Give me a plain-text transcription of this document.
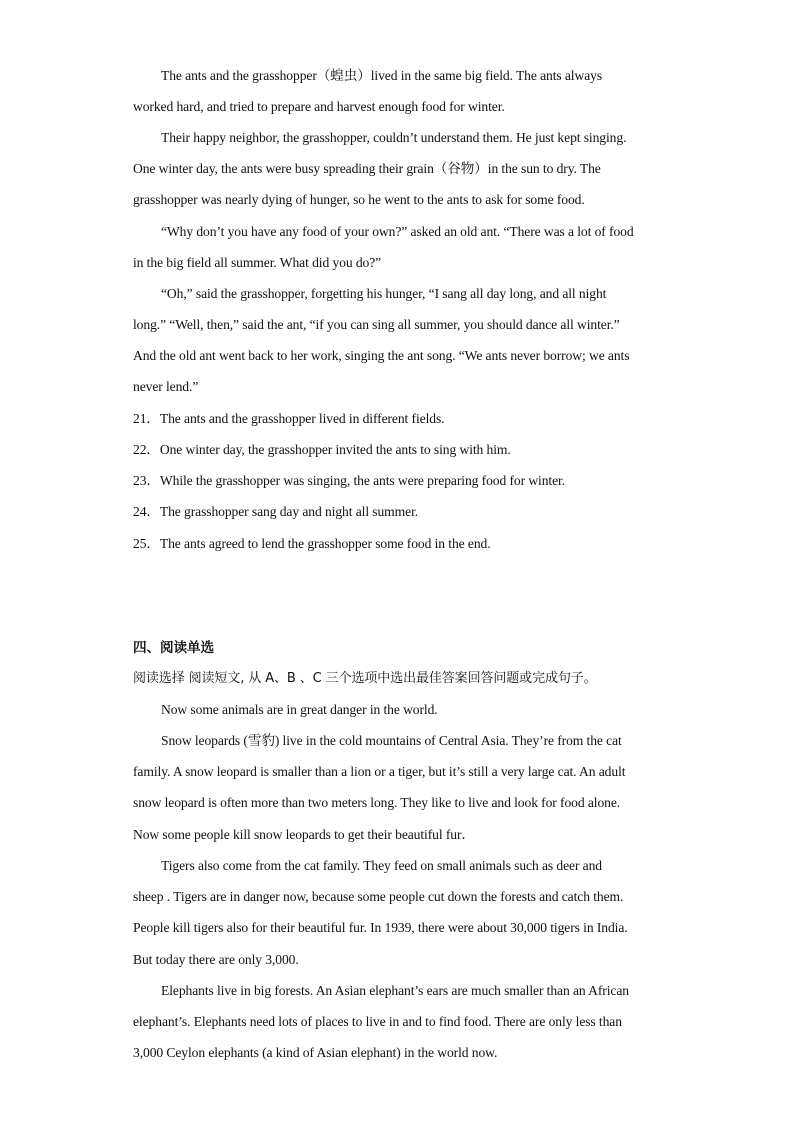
The ants and the grasshopper（蝗虫）lived in the same big field. The ants always
worked hard, and tried to prepare and harvest enough food for winter.
Their happy neighbor, the grasshopper, couldn’t understand them. He just kept singing.
One winter day, the ants were busy spreading their grain（谷物）in the sun to dry. The
grasshopper was nearly dying of hunger, so he went to the ants to ask for some food.
“Why don’t you have any food of your own?” asked an old ant. “There was a lot of food
in the big field all summer. What did you do?”
“Oh,” said the grasshopper, forgetting his hunger, “I sang all day long, and all night
long.” “Well, then,” said the ant, “if you can sing all summer, you should dance all winter.”
And the old ant went back to her work, singing the ant song. “We ants never borrow; we ants
never lend.”
21．The ants and the grasshopper lived in different fields.
22．One winter day, the grasshopper invited the ants to sing with him.
23．While the grasshopper was singing, the ants were preparing food for winter.
24．The grasshopper sang day and night all summer.
25．The ants agreed to lend the grasshopper some food in the end.
四、阅读单选
阅读选择 阅读短文, 从 A、B 、C 三个选项中选出最佳答案回答问题或完成句子。
Now some animals are in great danger in the world.
Snow leopards (雪豹) live in the cold mountains of Central Asia. They’re from the cat
family. A snow leopard is smaller than a lion or a tiger, but it’s still a very large cat. An adult
snow leopard is often more than two meters long. They like to live and look for food alone.
Now some people kill snow leopards to get their beautiful fur．
Tigers also come from the cat family. They feed on small animals such as deer and
sheep . Tigers are in danger now, because some people cut down the forests and catch them.
People kill tigers also for their beautiful fur. In 1939, there were about 30,000 tigers in India.
But today there are only 3,000.
Elephants live in big forests. An Asian elephant’s ears are much smaller than an African
elephant’s. Elephants need lots of places to live in and to find food. There are only less than
3,000 Ceylon elephants (a kind of Asian elephant) in the world now.
